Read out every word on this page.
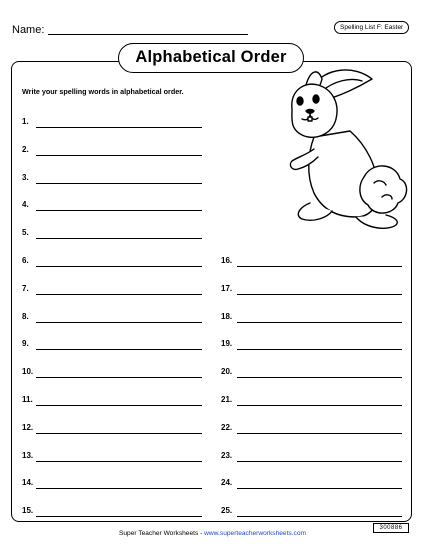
Name:	Spelling List F: Easter
Alphabetical Order
Write your spelling words in alphabetical order.
1.
2.
3.
4.
5.
6.
7.
8.
9.
10.
11.
12.
13.
14.
15.
16.
17.
18.
19.
20.
21.
22.
23.
24.
25.
Super Teacher Worksheets - www.superteacherworksheets.com
300886
